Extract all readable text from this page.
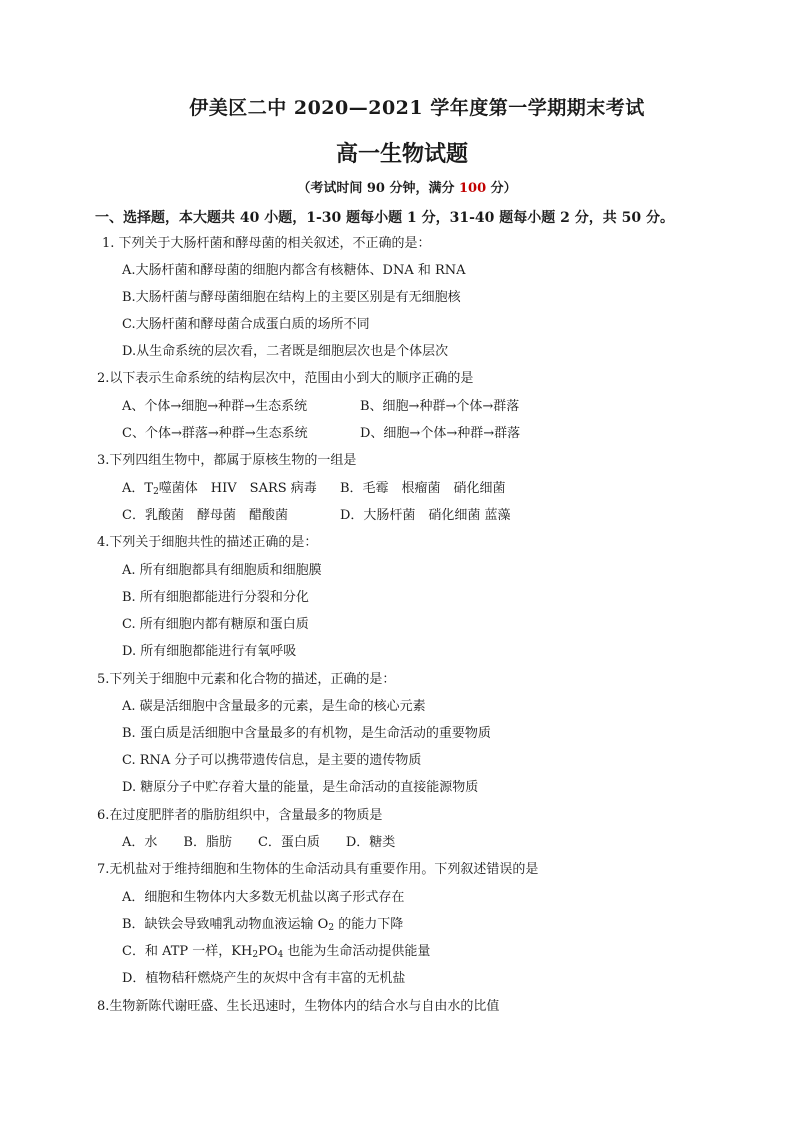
伊美区二中 2020—2021 学年度第一学期期末考试
高一生物试题
（考试时间 90 分钟，满分 100 分）
一、选择题，本大题共 40 小题，1-30 题每小题 1 分，31-40 题每小题 2 分，共 50 分。
1. 下列关于大肠杆菌和酵母菌的相关叙述，不正确的是：
A.大肠杆菌和酵母菌的细胞内都含有核糖体、DNA 和 RNA
B.大肠杆菌与酵母菌细胞在结构上的主要区别是有无细胞核
C.大肠杆菌和酵母菌合成蛋白质的场所不同
D.从生命系统的层次看，二者既是细胞层次也是个体层次
2.以下表示生命系统的结构层次中，范围由小到大的顺序正确的是
A、个体→细胞→种群→生态系统	B、细胞→种群→个体→群落
C、个体→群落→种群→生态系统	D、细胞→个体→种群→群落
3.下列四组生物中，都属于原核生物的一组是
A．$T_2$噬菌体　HIV　SARS 病毒 B．毛霉　根瘤菌　硝化细菌
C．乳酸菌　酵母菌　醋酸菌	D．大肠杆菌　硝化细菌 蓝藻
4.下列关于细胞共性的描述正确的是：
A. 所有细胞都具有细胞质和细胞膜
B. 所有细胞都能进行分裂和分化
C. 所有细胞内都有糖原和蛋白质
D. 所有细胞都能进行有氧呼吸
5.下列关于细胞中元素和化合物的描述，正确的是：
A. 碳是活细胞中含量最多的元素，是生命的核心元素
B. 蛋白质是活细胞中含量最多的有机物，是生命活动的重要物质
C. RNA 分子可以携带遗传信息，是主要的遗传物质
D. 糖原分子中贮存着大量的能量，是生命活动的直接能源物质
6.在过度肥胖者的脂肪组织中，含量最多的物质是
A．水　　B．脂肪　　C．蛋白质　　D．糖类
7.无机盐对于维持细胞和生物体的生命活动具有重要作用。下列叙述错误的是
A．细胞和生物体内大多数无机盐以离子形式存在
B．缺铁会导致哺乳动物血液运输 $O_2$ 的能力下降
C．和 ATP 一样，$KH_2PO_4$ 也能为生命活动提供能量
D．植物秸秆燃烧产生的灰烬中含有丰富的无机盐
8.生物新陈代谢旺盛、生长迅速时，生物体内的结合水与自由水的比值
